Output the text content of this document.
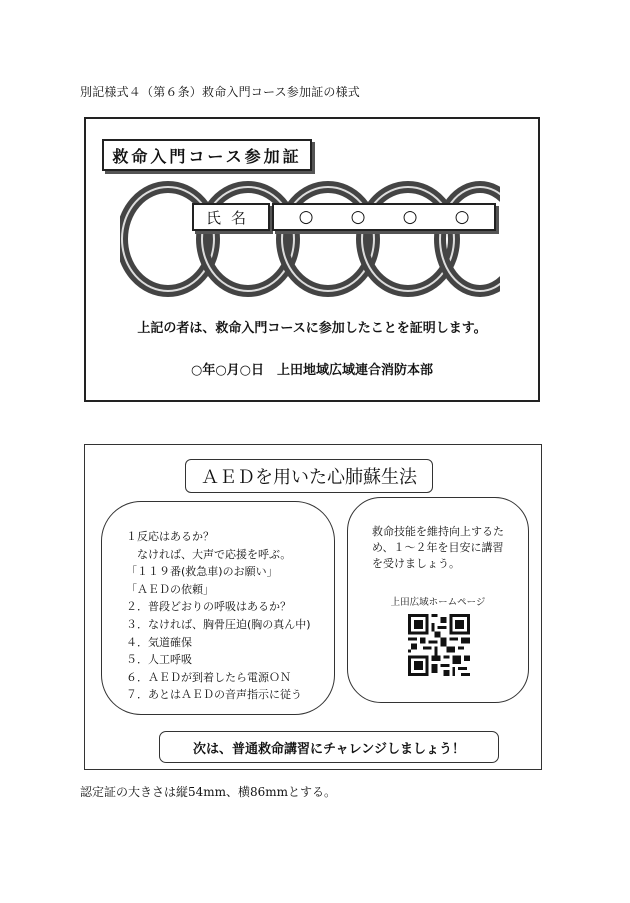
別記様式４（第６条）救命入門コース参加証の様式
救命入門コース参加証
氏名	○ ○ ○ ○
上記の者は、救命入門コースに参加したことを証明します。
○年○月○日　上田地域広域連合消防本部
ＡＥＤを用いた心肺蘇生法
１反応はあるか？
　なければ、大声で応援を呼ぶ。
「１１９番(救急車)のお願い」
「ＡＥＤの依頼」
２．普段どおりの呼吸はあるか？
３．なければ、胸骨圧迫(胸の真ん中)
４．気道確保
５．人工呼吸
６．ＡＥＤが到着したら電源ＯＮ
７．あとはＡＥＤの音声指示に従う
救命技能を維持向上するため、１～２年を目安に講習を受けましょう。
上田広域ホームページ
次は、普通救命講習にチャレンジしましょう！
認定証の大きさは縦54mm、横86mmとする。
